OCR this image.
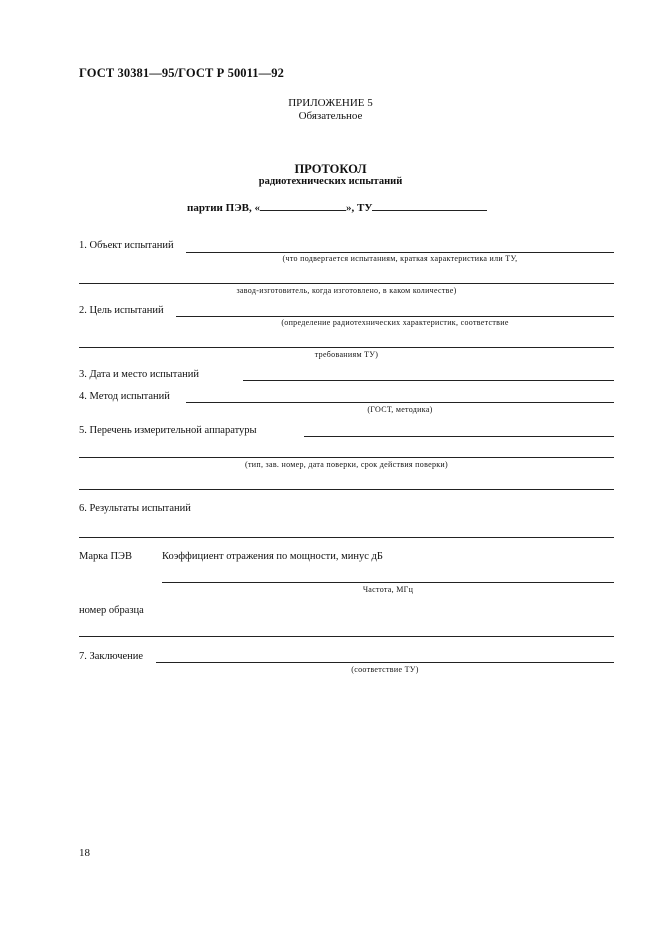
ГОСТ 30381—95/ГОСТ Р 50011—92
ПРИЛОЖЕНИЕ 5
Обязательное
ПРОТОКОЛ
радиотехнических испытаний
партии ПЭВ, «	», ТУ
1. Объект испытаний
(что подвергается испытаниям, краткая характеристика или ТУ,
завод-изготовитель, когда изготовлено, в каком количестве)
2. Цель испытаний
(определение радиотехнических характеристик, соответствие
требованиям ТУ)
3. Дата и место испытаний
4. Метод испытаний
(ГОСТ, методика)
5. Перечень измерительной аппаратуры
(тип, зав. номер, дата поверки, срок действия поверки)
6. Результаты испытаний
Марка ПЭВ	Коэффициент отражения по мощности, минус дБ
Частота, МГц
номер образца
7. Заключение
(соответствие ТУ)
18
